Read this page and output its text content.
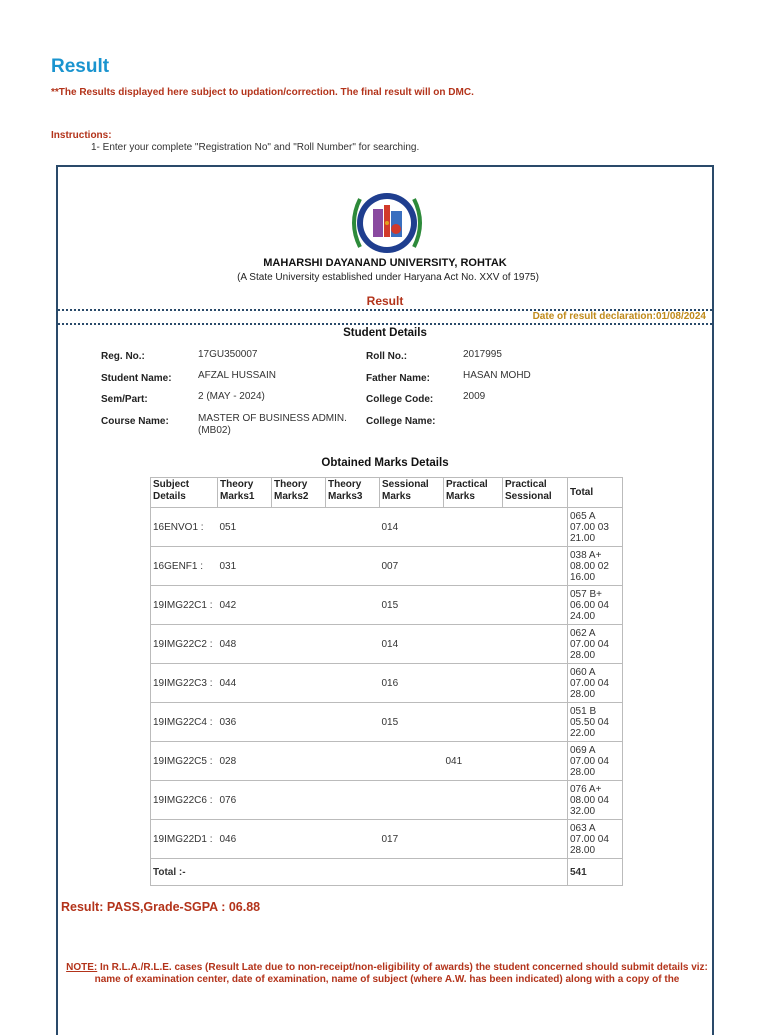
Result
**The Results displayed here subject to updation/correction. The final result will on DMC.
Instructions:
1- Enter your complete "Registration No" and "Roll Number" for searching.
MAHARSHI DAYANAND UNIVERSITY, ROHTAK
(A State University established under Haryana Act No. XXV of 1975)
Result
Date of result declaration:01/08/2024
Student Details
Reg. No.:	17GU350007	Roll No.:	2017995
Student Name:	AFZAL HUSSAIN	Father Name:	HASAN MOHD
Sem/Part:	2 (MAY - 2024)	College Code:	2009
Course Name:	MASTER OF BUSINESS ADMIN. (MB02)
College Name:
Obtained Marks Details
Subject Details	Theory Marks1	Theory Marks2	Theory Marks3	Sessional Marks	Practical Marks	Practical Sessional	Total
16ENVO1 :	051			014			065 A
07.00 03
21.00
16GENF1 :	031			007			038 A+
08.00 02
16.00
19IMG22C1 :	042			015			057 B+
06.00 04
24.00
19IMG22C2 :	048			014			062 A
07.00 04
28.00
19IMG22C3 :	044			016			060 A
07.00 04
28.00
19IMG22C4 :	036			015			051 B
05.50 04
22.00
19IMG22C5 :	028				041		069 A
07.00 04
28.00
19IMG22C6 :	076						076 A+
08.00 04
32.00
19IMG22D1 :	046			017			063 A
07.00 04
28.00
Total :-							541
Result: PASS,Grade-SGPA : 06.88
NOTE: In R.L.A./R.L.E. cases (Result Late due to non-receipt/non-eligibility of awards) the student concerned should submit details viz: name of examination center, date of examination, name of subject (where A.W. has been indicated) along with a copy of the
